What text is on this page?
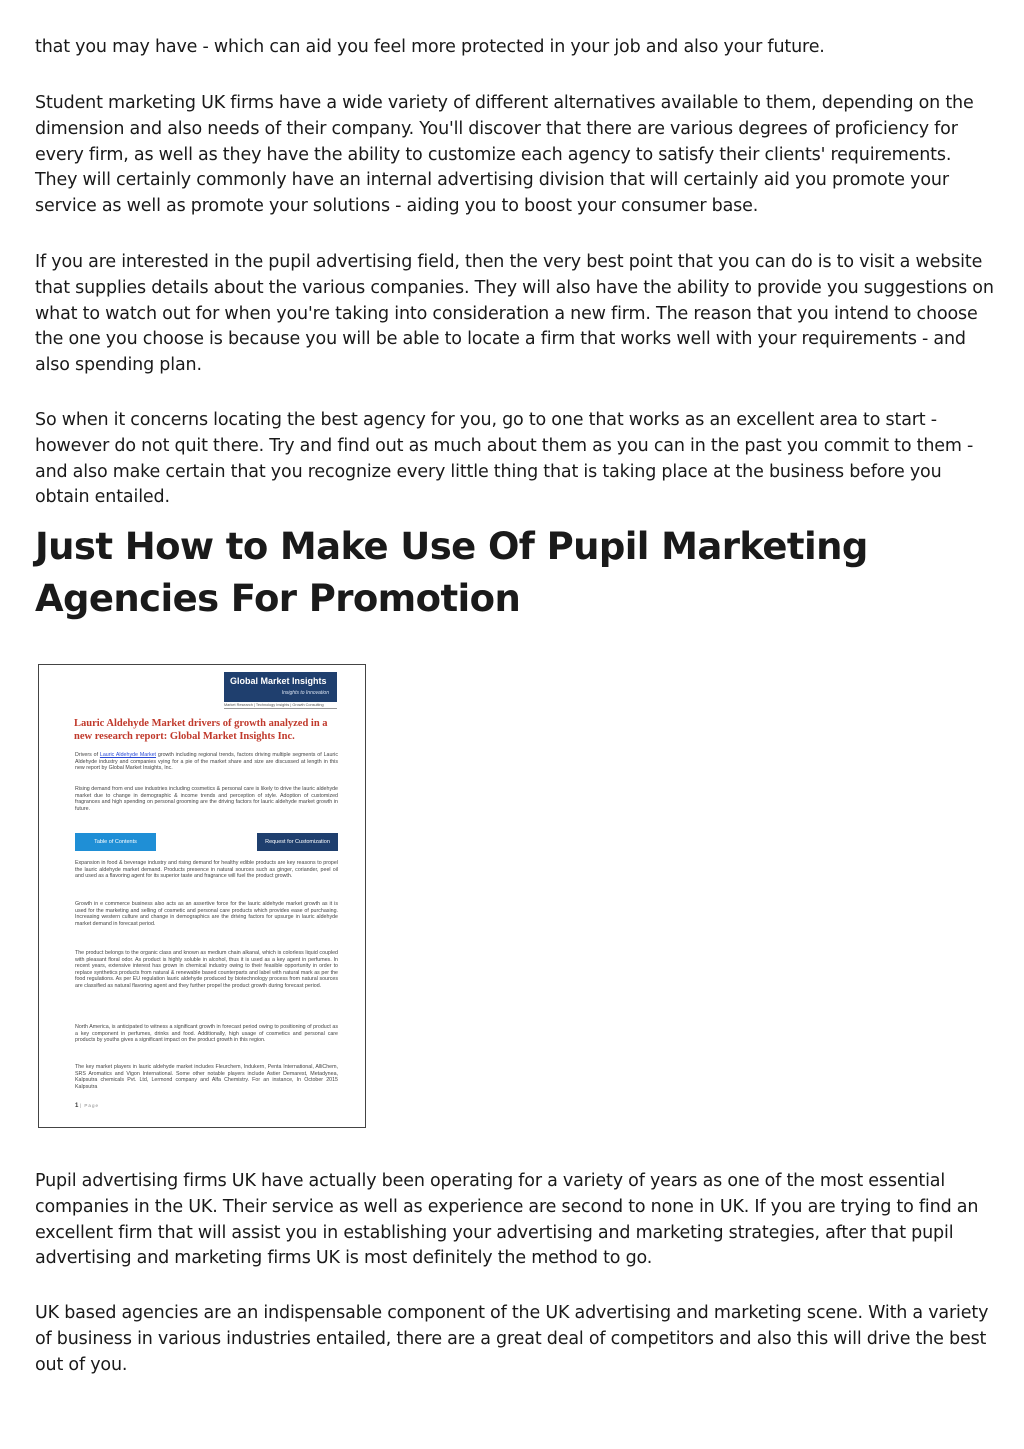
that you may have - which can aid you feel more protected in your job and also your future.

Student marketing UK firms have a wide variety of different alternatives available to them, depending on the dimension and also needs of their company. You'll discover that there are various degrees of proficiency for every firm, as well as they have the ability to customize each agency to satisfy their clients' requirements. They will certainly commonly have an internal advertising division that will certainly aid you promote your service as well as promote your solutions - aiding you to boost your consumer base.

If you are interested in the pupil advertising field, then the very best point that you can do is to visit a website that supplies details about the various companies. They will also have the ability to provide you suggestions on what to watch out for when you're taking into consideration a new firm. The reason that you intend to choose the one you choose is because you will be able to locate a firm that works well with your requirements - and also spending plan.

So when it concerns locating the best agency for you, go to one that works as an excellent area to start - however do not quit there. Try and find out as much about them as you can in the past you commit to them - and also make certain that you recognize every little thing that is taking place at the business before you obtain entailed.

Just How to Make Use Of Pupil Marketing Agencies For Promotion

Pupil advertising firms UK have actually been operating for a variety of years as one of the most essential companies in the UK. Their service as well as experience are second to none in UK. If you are trying to find an excellent firm that will assist you in establishing your advertising and marketing strategies, after that pupil advertising and marketing firms UK is most definitely the method to go.

UK based agencies are an indispensable component of the UK advertising and marketing scene. With a variety of business in various industries entailed, there are a great deal of competitors and also this will drive the best out of you.

Global Market Insights
Insights to Innovation
Market Research | Technology Insights | Growth Consulting
Lauric Aldehyde Market drivers of growth analyzed in a new research report: Global Market Insights Inc.
Drivers of Lauric Aldehyde Market growth including regional trends, factors driving multiple segments of Lauric Aldehyde industry and companies vying for a pie of the market share and size are discussed at length in this new report by Global Market Insights, Inc.
Rising demand from end use industries including cosmetics & personal care is likely to drive the lauric aldehyde market due to change in demographic & income trends and perception of style. Adoption of customized fragrances and high spending on personal grooming are the driving factors for lauric aldehyde market growth in future.
Table of Contents	Request for Customization
Expansion in food & beverage industry and rising demand for healthy edible products are key reasons to propel the lauric aldehyde market demand. Products presence in natural sources such as ginger, coriander, peel oil and used as a flavoring agent for its superior taste and fragrance will fuel the product growth.
Growth in e commerce business also acts as an assertive force for the lauric aldehyde market growth as it is used for the marketing and selling of cosmetic and personal care products which provides ease of purchasing. Increasing western culture and change in demographics are the driving factors for upsurge in lauric aldehyde market demand in forecast period.
The product belongs to the organic class and known as medium chain alkanal, which is colorless liquid coupled with pleasant floral odor. As product is highly soluble in alcohol, thus it is used as a key agent in perfumes. In recent years, extensive interest has grown in chemical industry owing to their feasible opportunity in order to replace synthetics products from natural & renewable based counterparts and label with natural mark as per the food regulations. As per EU regulation lauric aldehyde produced by biotechnology process from natural sources are classified as natural flavoring agent and they further propel the product growth during forecast period.
North America, is anticipated to witness a significant growth in forecast period owing to positioning of product as a key component in perfumes, drinks and food. Additionally, high usage of cosmetics and personal care products by youths gives a significant impact on the product growth in this region.
The key market players in lauric aldehyde market includes Fleurchem, Indukern, Penta International, AlliChem, SRS Aromatics and Vigon International. Some other notable players include Astier Demarest, Metadynea, Kalpsutra chemicals Pvt. Ltd, Lermond company and Alfa Chemistry. For an instance, In October 2015 Kalpsutra
1 | Page
